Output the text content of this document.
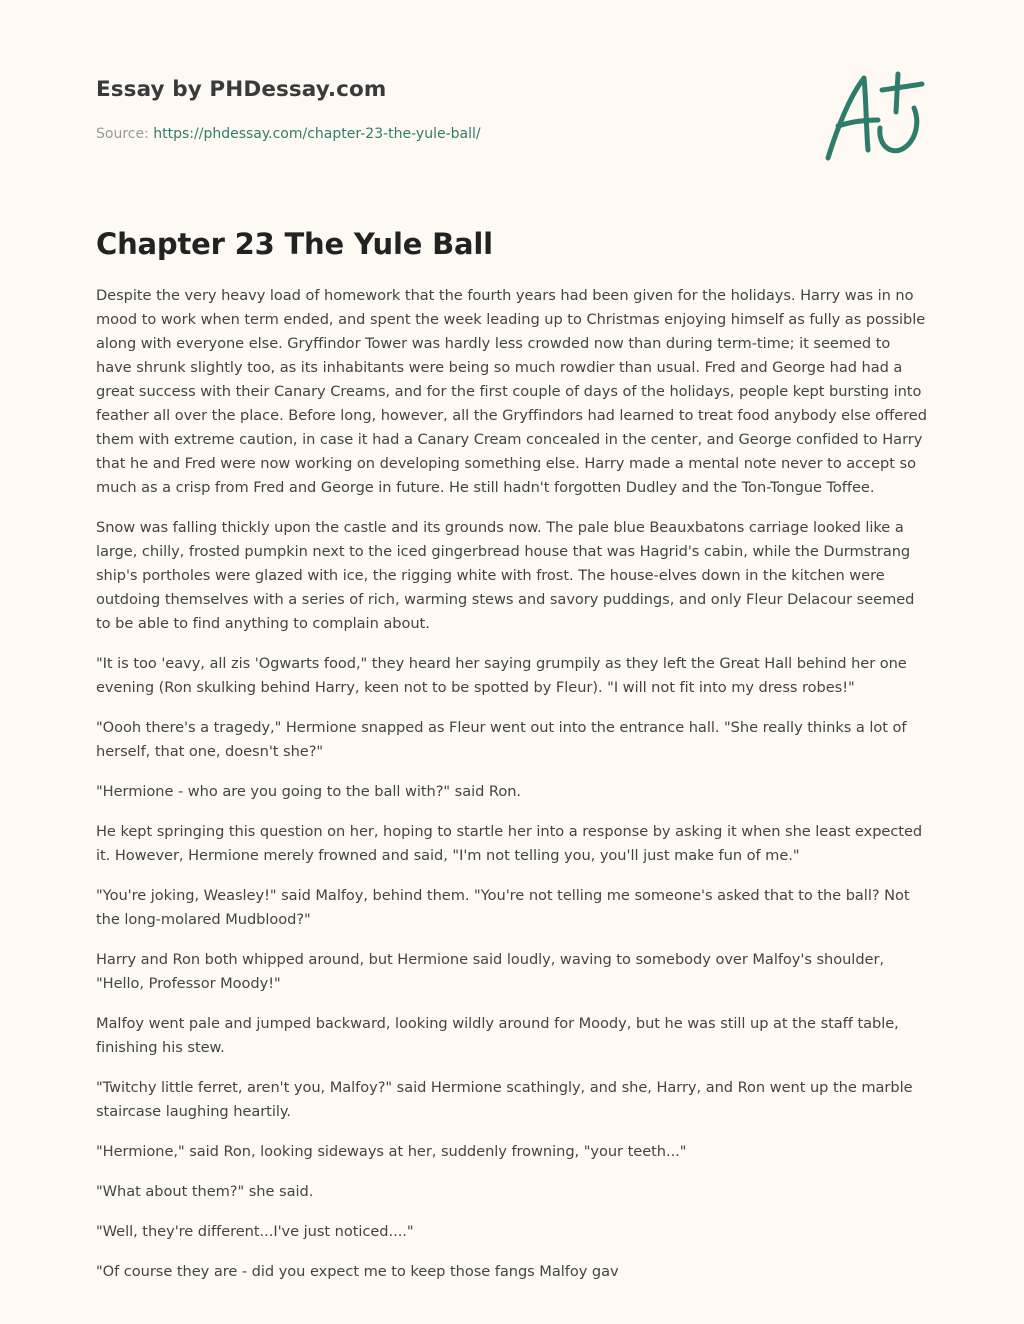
Essay by PHDessay.com
Source: https://phdessay.com/chapter-23-the-yule-ball/
Chapter 23 The Yule Ball

Despite the very heavy load of homework that the fourth years had been given for the holidays. Harry was in no mood to work when term ended, and spent the week leading up to Christmas enjoying himself as fully as possible along with everyone else. Gryffindor Tower was hardly less crowded now than during term-time; it seemed to have shrunk slightly too, as its inhabitants were being so much rowdier than usual. Fred and George had had a great success with their Canary Creams, and for the first couple of days of the holidays, people kept bursting into feather all over the place. Before long, however, all the Gryffindors had learned to treat food anybody else offered them with extreme caution, in case it had a Canary Cream concealed in the center, and George confided to Harry that he and Fred were now working on developing something else. Harry made a mental note never to accept so much as a crisp from Fred and George in future. He still hadn't forgotten Dudley and the Ton-Tongue Toffee.

Snow was falling thickly upon the castle and its grounds now. The pale blue Beauxbatons carriage looked like a large, chilly, frosted pumpkin next to the iced gingerbread house that was Hagrid's cabin, while the Durmstrang ship's portholes were glazed with ice, the rigging white with frost. The house-elves down in the kitchen were outdoing themselves with a series of rich, warming stews and savory puddings, and only Fleur Delacour seemed to be able to find anything to complain about.

"It is too 'eavy, all zis 'Ogwarts food," they heard her saying grumpily as they left the Great Hall behind her one evening (Ron skulking behind Harry, keen not to be spotted by Fleur). "I will not fit into my dress robes!"

"Oooh there's a tragedy," Hermione snapped as Fleur went out into the entrance hall. "She really thinks a lot of herself, that one, doesn't she?"

"Hermione - who are you going to the ball with?" said Ron.

He kept springing this question on her, hoping to startle her into a response by asking it when she least expected it. However, Hermione merely frowned and said, "I'm not telling you, you'll just make fun of me."

"You're joking, Weasley!" said Malfoy, behind them. "You're not telling me someone's asked that to the ball? Not the long-molared Mudblood?"

Harry and Ron both whipped around, but Hermione said loudly, waving to somebody over Malfoy's shoulder, "Hello, Professor Moody!"

Malfoy went pale and jumped backward, looking wildly around for Moody, but he was still up at the staff table, finishing his stew.

"Twitchy little ferret, aren't you, Malfoy?" said Hermione scathingly, and she, Harry, and Ron went up the marble staircase laughing heartily.

"Hermione," said Ron, looking sideways at her, suddenly frowning, "your teeth..."

"What about them?" she said.

"Well, they're different...I've just noticed...."

"Of course they are - did you expect me to keep those fangs Malfoy gav
